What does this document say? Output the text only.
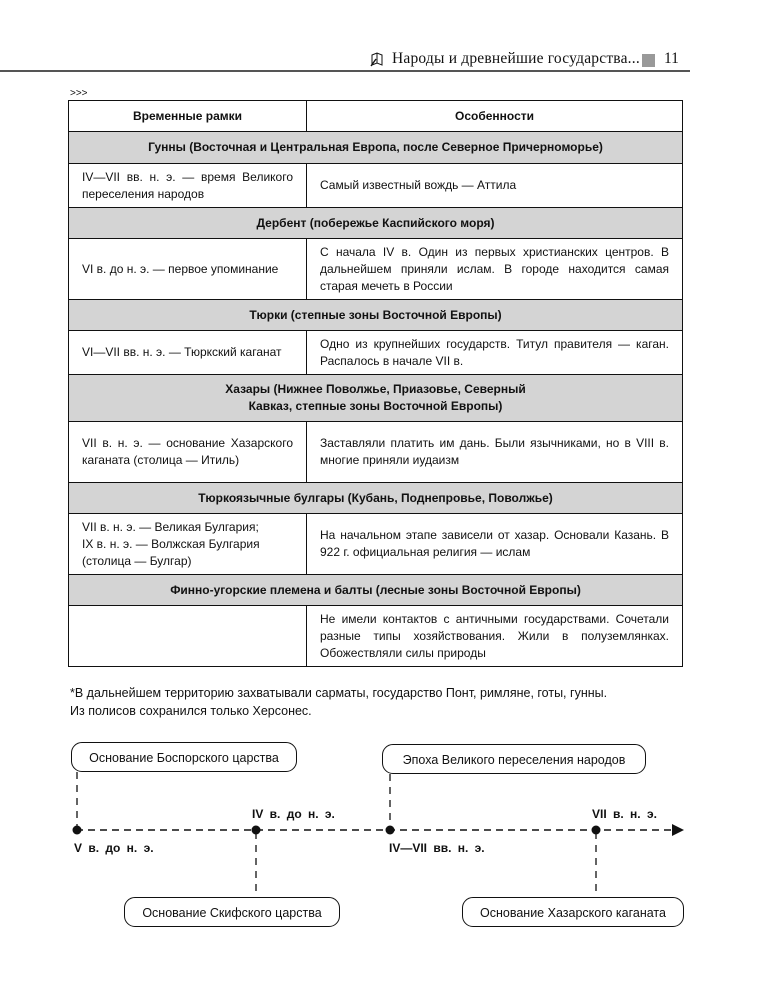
Народы и древнейшие государства... 11
>>>
Временные рамки	Особенности
Гунны (Восточная и Центральная Европа, после Северное Причерноморье)	
IV—VII вв. н. э. — время Великого переселения народов	Самый известный вождь — Аттила
Дербент (побережье Каспийского моря)	
VI в. до н. э. — первое упоминание	С начала IV в. Один из первых христианских центров. В дальнейшем приняли ислам. В городе находится самая старая мечеть в России
Тюрки (степные зоны Восточной Европы)	
VI—VII вв. н. э. — Тюркский каганат	Одно из крупнейших государств. Титул правителя — каган. Распалось в начале VII в.
Хазары (Нижнее Поволжье, Приазовье, Северный Кавказ, степные зоны Восточной Европы)	
VII в. н. э. — основание Хазарского каганата (столица — Итиль)	Заставляли платить им дань. Были язычниками, но в VIII в. многие приняли иудаизм
Тюркоязычные булгары (Кубань, Поднепровье, Поволжье)	

VII в. н. э. — Великая Булгария;
IX в. н. э. — Волжская Булгария
(столица — Булгар)	На начальном этапе зависели от хазар. Основали Казань. В 922 г. официальная религия — ислам
Финно-угорские племена и балты (лесные зоны Восточной Европы)	
	Не имели контактов с античными государствами. Сочетали разные типы хозяйствования. Жили в полуземлянках. Обожествляли силы природы
*В дальнейшем территорию захватывали сарматы, государство Понт, римляне, готы, гунны. Из полисов сохранился только Херсонес.
Основание Боспорского царства	Эпоха Великого переселения народов
Основание Скифского царства	Основание Хазарского каганата
V в. до н. э.
IV в. до н. э.
IV—VII вв. н. э.
VII в. н. э.
